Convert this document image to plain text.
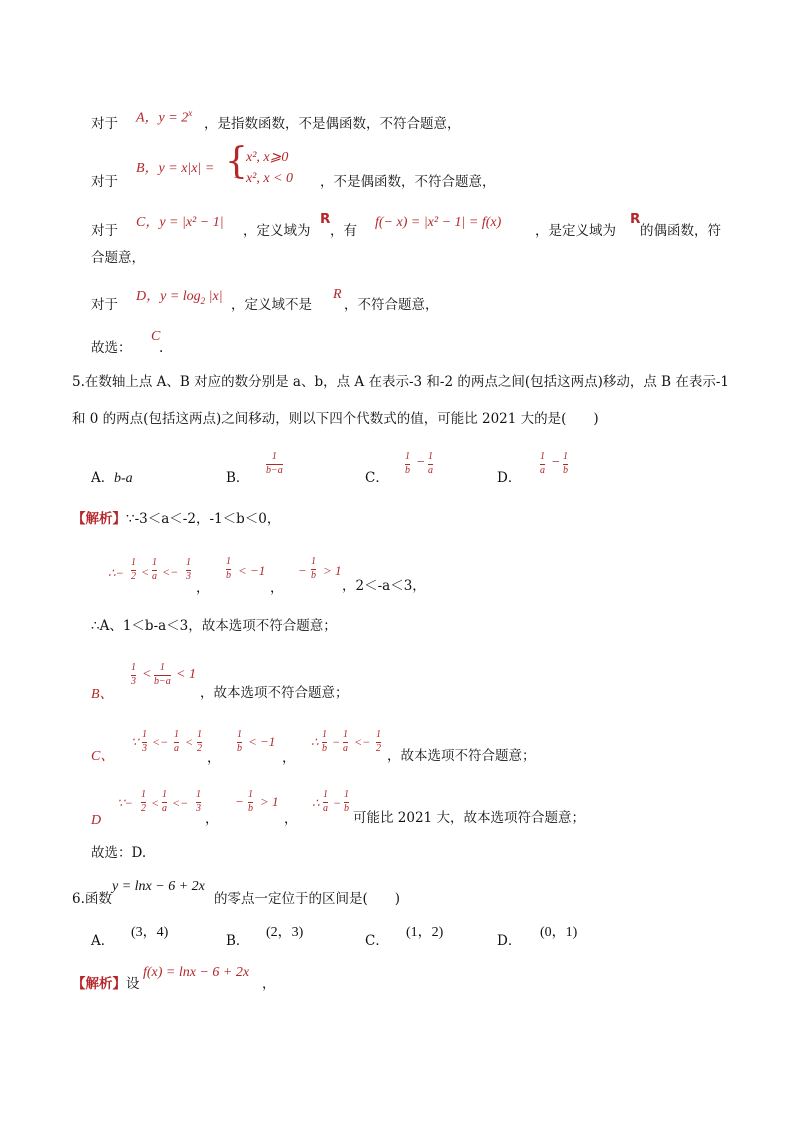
对于 A，$y = 2^x$
，是指数函数，不是偶函数，不符合题意，
对于
B，y = x|x| = {
x², x⩾0
− x², x < 0 ，不是偶函数，不符合题意，
对于
C，y = |x² − 1|
，定义域为
R
，有
f(− x) = |x² − 1| = f(x)
，是定义域为
R
的偶函数，符
合题意，
对于
D，$y = \log_2 |x|$
，定义域不是
R
，不符合题意，
故选：
C
.
5.在数轴上点 A、B 对应的数分别是 a、b，点 A 在表示-3 和-2 的两点之间(包括这两点)移动，点 B 在表示-1
和 0 的两点(包括这两点)之间移动，则以下四个代数式的值，可能比 2021 大的是(　　)
A． b-a	B．
1
b−a	C．
1
b − 1
a	D．
1
a − 1
b
【解析】∵-3＜a＜-2，-1＜b＜0，
∴−
1
2 <
1
a <−
1
3
，
1
b < −1
，
−
1
b > 1
，2＜-a＜3，
∴A、1＜b-a＜3，故本选项不符合题意；
B、
1
3 < 1
b−a < 1
，故本选项不符合题意；
C、
∵
1
3 <−
1
a <
1
2
，
1
b < −1
，
∴
1
b −
1
a <−
1
2 ，故本选项不符合题意；
D
∵−
1
2 <
1
a <−
1
3
，
− 1
b > 1
，
∴
1
a −
1
b
可能比 2021 大，故本选项符合题意；
故选：D.
6.函数
y = lnx − 6 + 2x
的零点一定位于的区间是(　　)
A．
(3，4)
B．
(2，3)
C．
(1，2)
D．
(0，1)
【解析】设
f(x) = lnx − 6 + 2x
，
